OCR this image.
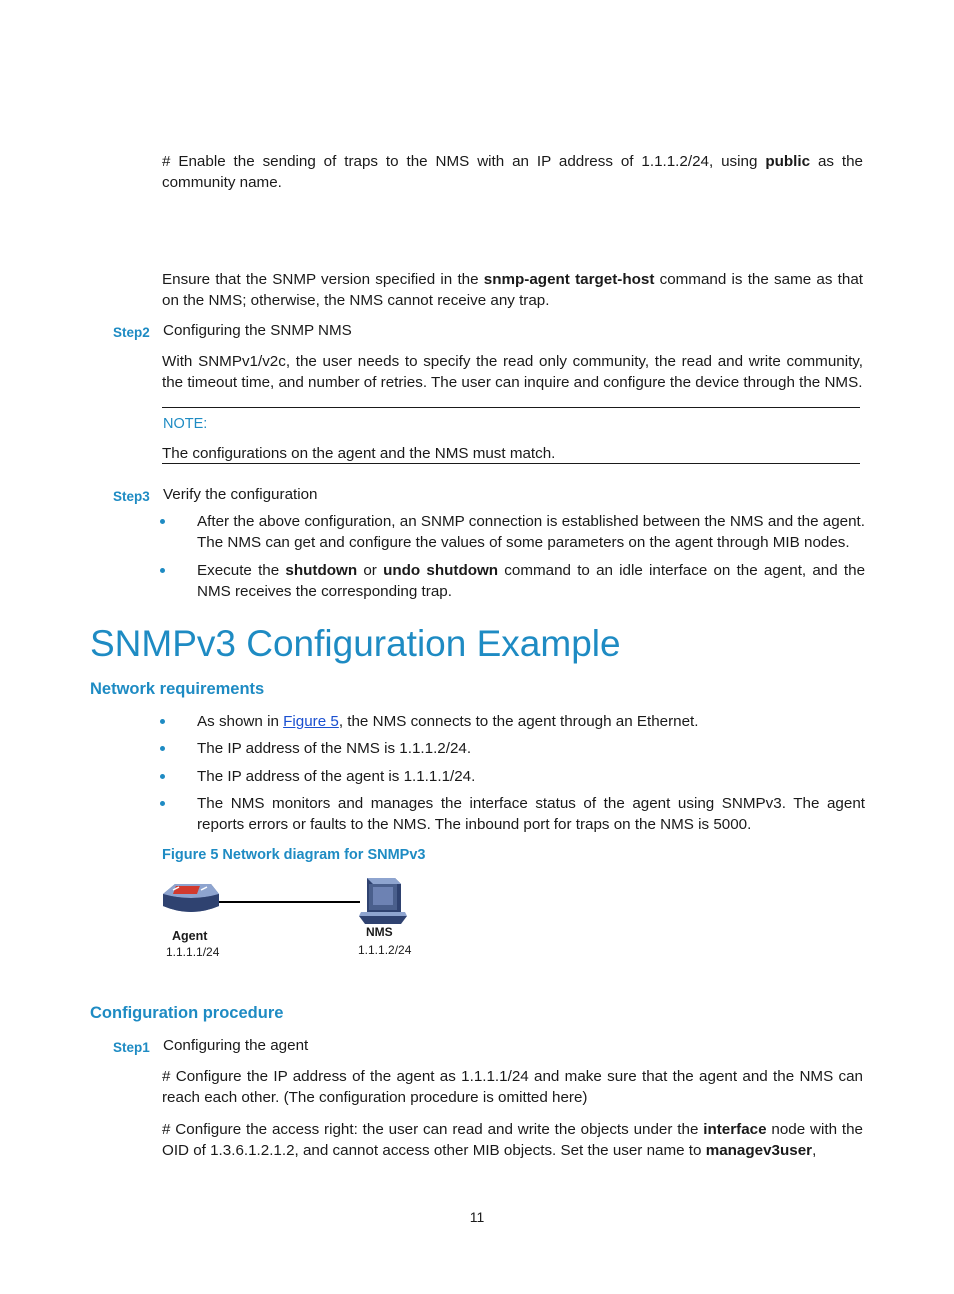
# Enable the sending of traps to the NMS with an IP address of 1.1.1.2/24, using public as the community name.
Ensure that the SNMP version specified in the snmp-agent target-host command is the same as that on the NMS; otherwise, the NMS cannot receive any trap.
Step2 Configuring the SNMP NMS
With SNMPv1/v2c, the user needs to specify the read only community, the read and write community, the timeout time, and number of retries. The user can inquire and configure the device through the NMS.
NOTE:
The configurations on the agent and the NMS must match.
Step3 Verify the configuration
After the above configuration, an SNMP connection is established between the NMS and the agent. The NMS can get and configure the values of some parameters on the agent through MIB nodes.
Execute the shutdown or undo shutdown command to an idle interface on the agent, and the NMS receives the corresponding trap.
SNMPv3 Configuration Example
Network requirements
As shown in Figure 5, the NMS connects to the agent through an Ethernet.
The IP address of the NMS is 1.1.1.2/24.
The IP address of the agent is 1.1.1.1/24.
The NMS monitors and manages the interface status of the agent using SNMPv3. The agent reports errors or faults to the NMS. The inbound port for traps on the NMS is 5000.
Figure 5 Network diagram for SNMPv3
Agent
1.1.1.1/24
NMS
1.1.1.2/24
Configuration procedure
Step1 Configuring the agent
# Configure the IP address of the agent as 1.1.1.1/24 and make sure that the agent and the NMS can reach each other. (The configuration procedure is omitted here)
# Configure the access right: the user can read and write the objects under the interface node with the OID of 1.3.6.1.2.1.2, and cannot access other MIB objects. Set the user name to managev3user,
11
